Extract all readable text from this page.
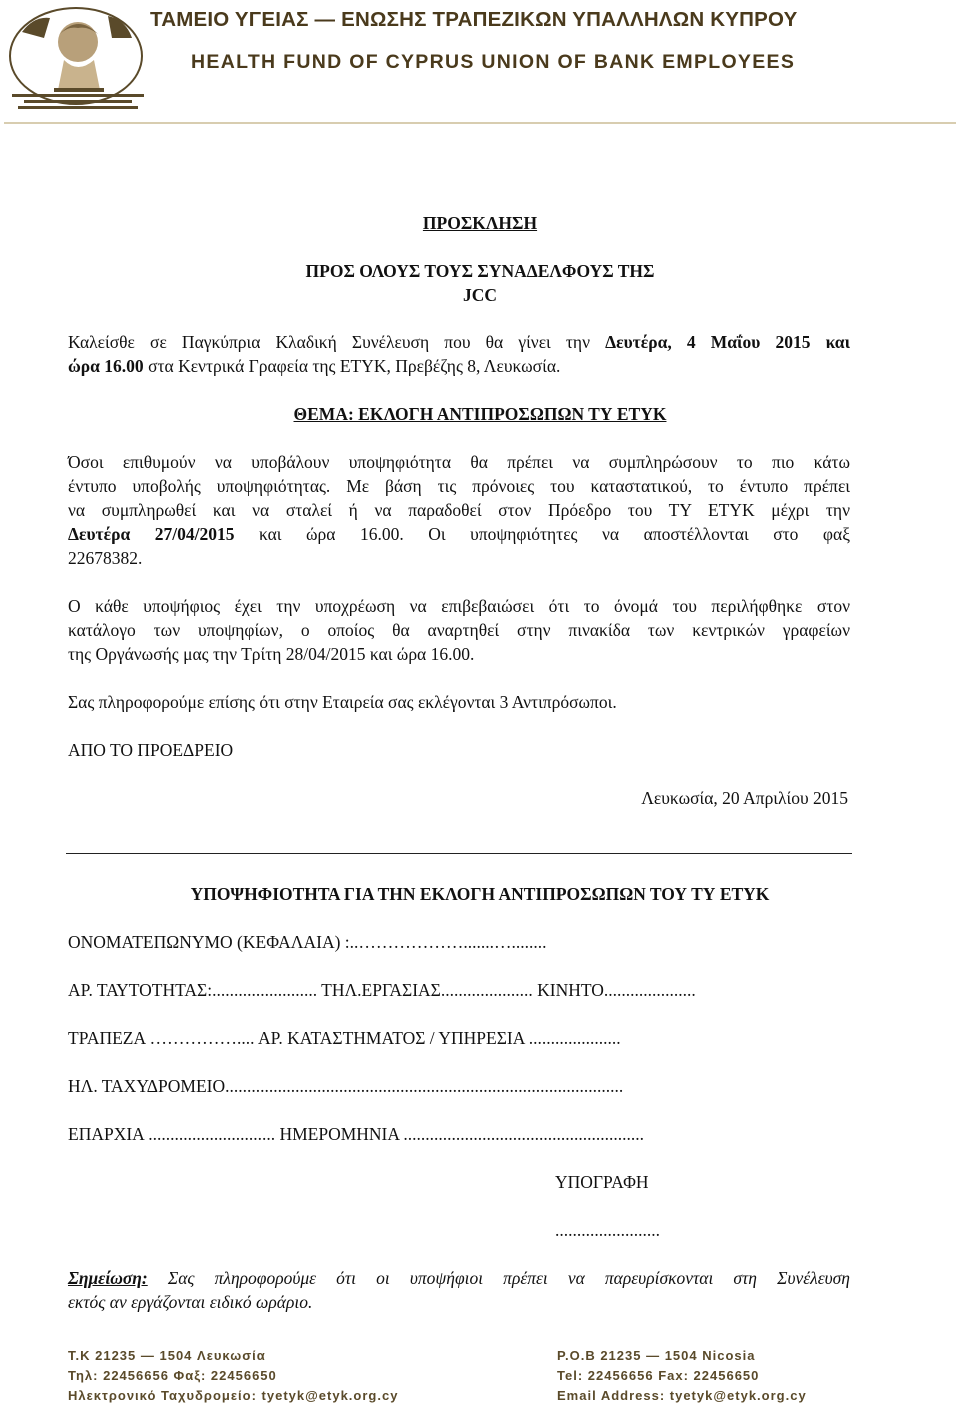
ΤΑΜΕΙΟ ΥΓΕΙΑΣ — ΕΝΩΣΗΣ ΤΡΑΠΕΖΙΚΩΝ ΥΠΑΛΛΗΛΩΝ ΚΥΠΡΟΥ
HEALTH FUND OF CYPRUS UNION OF BANK EMPLOYEES
ΠΡΟΣΚΛΗΣΗ
ΠΡΟΣ ΟΛΟΥΣ ΤΟΥΣ ΣΥΝΑΔΕΛΦΟΥΣ ΤΗΣ
JCC
Καλείσθε σε Παγκύπρια Κλαδική Συνέλευση που θα γίνει την Δευτέρα, 4 Μαΐου 2015 και
ώρα 16.00 στα Κεντρικά Γραφεία της ΕΤΥΚ, Πρεβέζης 8, Λευκωσία.
ΘΕΜΑ: ΕΚΛΟΓΗ ΑΝΤΙΠΡΟΣΩΠΩΝ ΤΥ ΕΤΥΚ
Όσοι επιθυμούν να υποβάλουν υποψηφιότητα θα πρέπει να συμπληρώσουν το πιο κάτω
έντυπο υποβολής υποψηφιότητας. Με βάση τις πρόνοιες του καταστατικού, το έντυπο πρέπει
να συμπληρωθεί και να σταλεί ή να παραδοθεί στον Πρόεδρο του ΤΥ ΕΤΥΚ μέχρι την
Δευτέρα 27/04/2015 και ώρα 16.00. Οι υποψηφιότητες να αποστέλλονται στο φαξ
22678382.
Ο κάθε υποψήφιος έχει την υποχρέωση να επιβεβαιώσει ότι το όνομά του περιλήφθηκε στον
κατάλογο των υποψηφίων, ο οποίος θα αναρτηθεί στην πινακίδα των κεντρικών γραφείων
της Οργάνωσής μας την Τρίτη 28/04/2015 και ώρα 16.00.
Σας πληροφορούμε επίσης ότι στην Εταιρεία σας εκλέγονται 3 Αντιπρόσωποι.
ΑΠΟ ΤΟ ΠΡΟΕΔΡΕΙΟ
Λευκωσία, 20 Απριλίου 2015
ΥΠΟΨΗΦΙΟΤΗΤΑ ΓΙΑ ΤΗΝ ΕΚΛΟΓΗ ΑΝΤΙΠΡΟΣΩΠΩΝ ΤΟΥ ΤΥ ΕΤΥΚ
ΟΝΟΜΑΤΕΠΩΝΥΜΟ (ΚΕΦΑΛΑΙΑ) :..……………….......…........
ΑΡ. ΤΑΥΤΟΤΗΤΑΣ:........................ ΤΗΛ.ΕΡΓΑΣΙΑΣ..................... ΚΙΝΗΤΟ.....................
ΤΡΑΠΕΖΑ …………….... ΑΡ. ΚΑΤΑΣΤΗΜΑΤΟΣ / ΥΠΗΡΕΣΙΑ .....................
ΗΛ. ΤΑΧΥΔΡΟΜΕΙΟ...........................................................................................
ΕΠΑΡΧΙΑ ............................. ΗΜΕΡΟΜΗΝΙΑ .......................................................
ΥΠΟΓΡΑΦΗ
........................
Σημείωση: Σας πληροφορούμε ότι οι υποψήφιοι πρέπει να παρευρίσκονται στη Συνέλευση
εκτός αν εργάζονται ειδικό ωράριο.
T.K 21235 — 1504 Λευκωσία
Τηλ: 22456656 Φαξ: 22456650
Ηλεκτρονικό Ταχυδρομείο: tyetyk@etyk.org.cy
P.O.B 21235 — 1504 Nicosia
Tel: 22456656 Fax: 22456650
Email Address: tyetyk@etyk.org.cy
